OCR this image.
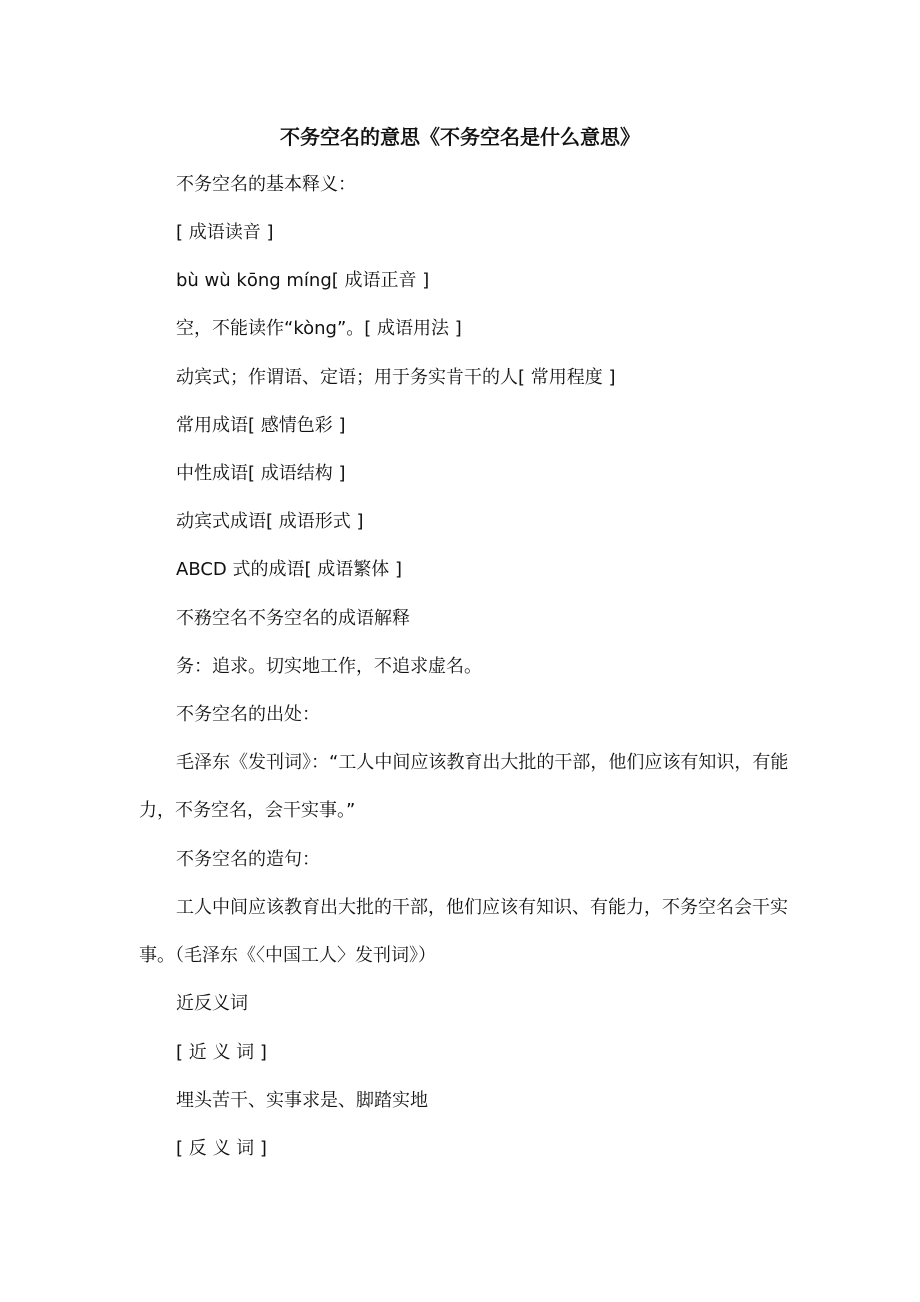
不务空名的意思《不务空名是什么意思》
不务空名的基本释义：
[ 成语读音 ]
bù wù kōng míng[ 成语正音 ]
空，不能读作“kòng”。[ 成语用法 ]
动宾式；作谓语、定语；用于务实肯干的人[ 常用程度 ]
常用成语[ 感情色彩 ]
中性成语[ 成语结构 ]
动宾式成语[ 成语形式 ]
ABCD 式的成语[ 成语繁体 ]
不務空名不务空名的成语解释
务：追求。切实地工作，不追求虚名。
不务空名的出处：
毛泽东《发刊词》：“工人中间应该教育出大批的干部，他们应该有知识，有能力，不务空名，会干实事。”
不务空名的造句：
工人中间应该教育出大批的干部，他们应该有知识、有能力，不务空名会干实事。（毛泽东《〈中国工人〉发刊词》）
近反义词
[ 近 义 词 ]
埋头苦干、实事求是、脚踏实地
[ 反 义 词 ]
